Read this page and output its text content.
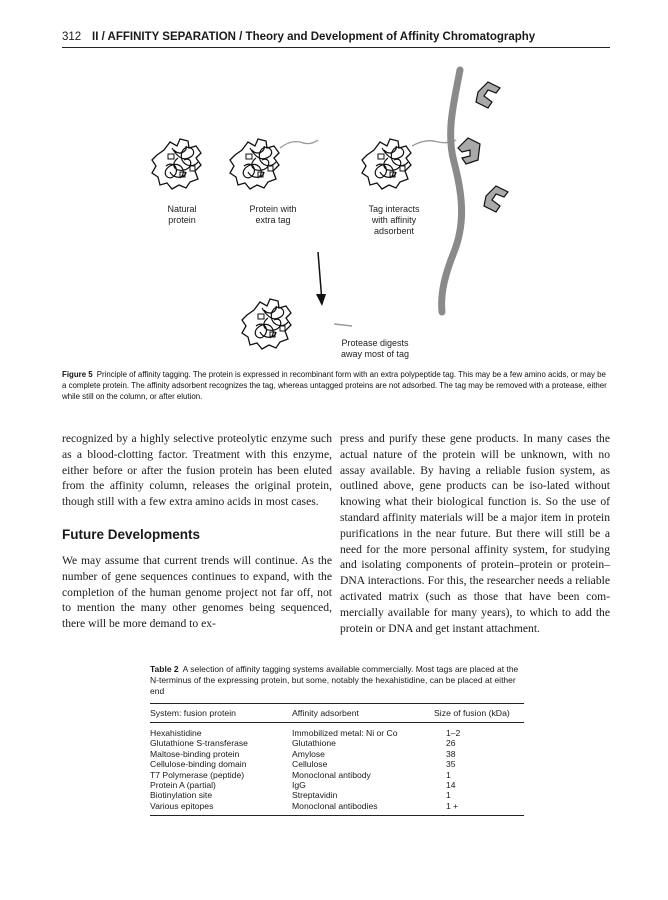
312 II / AFFINITY SEPARATION / Theory and Development of Affinity Chromatography
Natural
protein
Protein with
extra tag
Tag interacts
with affinity
adsorbent
Protease digests
away most of tag
Figure 5 Principle of affinity tagging. The protein is expressed in recombinant form with an extra polypeptide tag. This may be a few amino acids, or may be a complete protein. The affinity adsorbent recognizes the tag, whereas untagged proteins are not adsorbed. The tag may be removed with a protease, either while still on the column, or after elution.

recognized by a highly selective proteolytic enzyme such as a blood-clotting factor. Treatment with this enzyme, either before or after the fusion protein has been eluted from the affinity column, releases the original protein, though still with a few extra amino acids in most cases.

Future Developments

We may assume that current trends will continue. As the number of gene sequences continues to expand, with the completion of the human genome project not far off, not to mention the many other genomes being sequenced, there will be more demand to ex-

press and purify these gene products. In many cases the actual nature of the protein will be unknown, with no assay available. By having a reliable fusion system, as outlined above, gene products can be iso-lated without knowing what their biological function is. So the use of standard affinity materials will be a major item in protein purifications in the near future. But there will still be a need for the more personal affinity system, for studying and isolating components of protein–protein or protein–DNA interactions. For this, the researcher needs a reliable activated matrix (such as those that have been com-mercially available for many years), to which to add the protein or DNA and get instant attachment.

Table 2 A selection of affinity tagging systems available commercially. Most tags are placed at the N-terminus of the expressing protein, but some, notably the hexahistidine, can be placed at either end
System: fusion protein	Affinity adsorbent	Size of fusion (kDa)
Hexahistidine	Immobilized metal: Ni or Co	1–2
Glutathione S-transferase	Glutathione	26
Maltose-binding protein	Amylose	38
Cellulose-binding domain	Cellulose	35
T7 Polymerase (peptide)	Monoclonal antibody	1
Protein A (partial)	IgG	14
Biotinylation site	Streptavidin	1
Various epitopes	Monoclonal antibodies	1 +
